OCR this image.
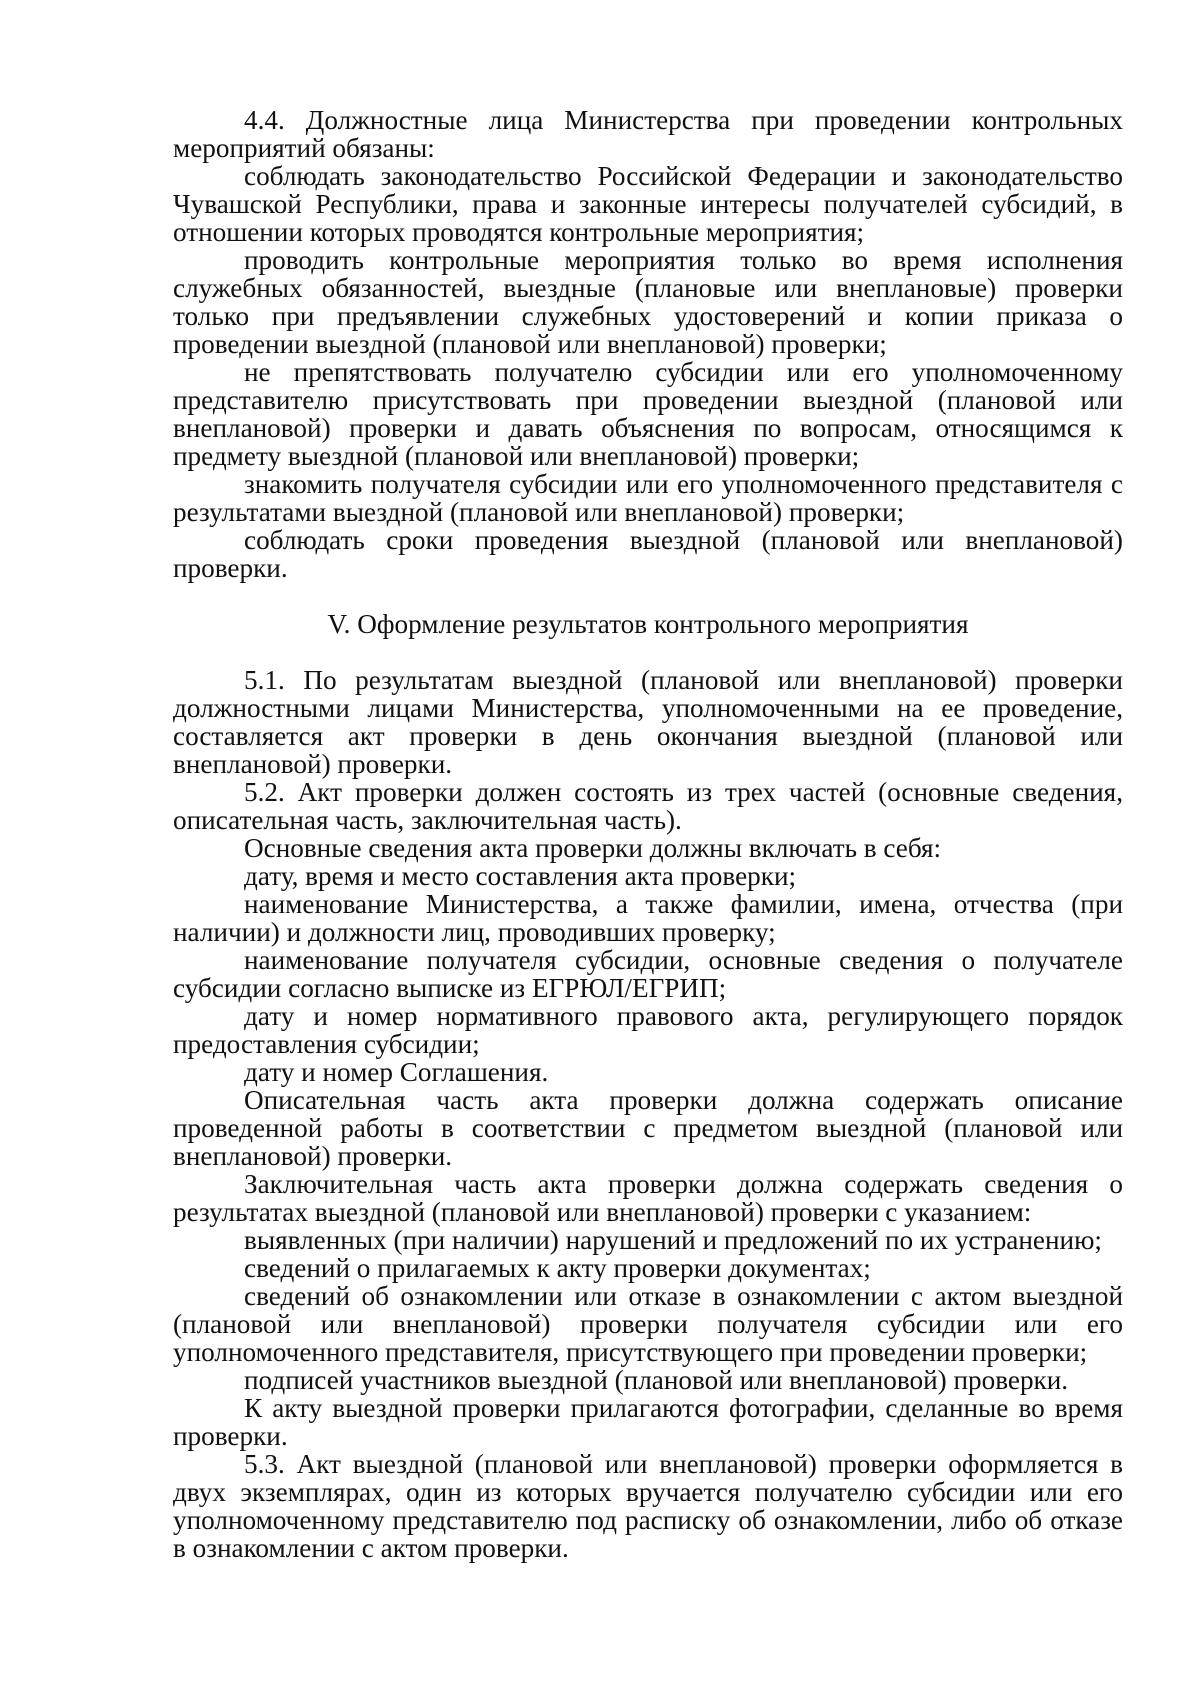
4.4. Должностные лица Министерства при проведении контрольных мероприятий обязаны:

соблюдать законодательство Российской Федерации и законодательство Чувашской Республики, права и законные интересы получателей субсидий, в отношении которых проводятся контрольные мероприятия;

проводить контрольные мероприятия только во время исполнения служебных обязанностей, выездные (плановые или внеплановые) проверки только при предъявлении служебных удостоверений и копии приказа о проведении выездной (плановой или внеплановой) проверки;

не препятствовать получателю субсидии или его уполномоченному представителю присутствовать при проведении выездной (плановой или внеплановой) проверки и давать объяснения по вопросам, относящимся к предмету выездной (плановой или внеплановой) проверки;

знакомить получателя субсидии или его уполномоченного представителя с результатами выездной (плановой или внеплановой) проверки;

соблюдать сроки проведения выездной (плановой или внеплановой) проверки.

V. Оформление результатов контрольного мероприятия

5.1. По результатам выездной (плановой или внеплановой) проверки должностными лицами Министерства, уполномоченными на ее проведение, составляется акт проверки в день окончания выездной (плановой или внеплановой) проверки.

5.2. Акт проверки должен состоять из трех частей (основные сведения, описательная часть, заключительная часть).

Основные сведения акта проверки должны включать в себя:

дату, время и место составления акта проверки;

наименование Министерства, а также фамилии, имена, отчества (при наличии) и должности лиц, проводивших проверку;

наименование получателя субсидии, основные сведения о получателе субсидии согласно выписке из ЕГРЮЛ/ЕГРИП;

дату и номер нормативного правового акта, регулирующего порядок предоставления субсидии;

дату и номер Соглашения.

Описательная часть акта проверки должна содержать описание проведенной работы в соответствии с предметом выездной (плановой или внеплановой) проверки.

Заключительная часть акта проверки должна содержать сведения о результатах выездной (плановой или внеплановой) проверки с указанием:

выявленных (при наличии) нарушений и предложений по их устранению;

сведений о прилагаемых к акту проверки документах;

сведений об ознакомлении или отказе в ознакомлении с актом выездной (плановой или внеплановой) проверки получателя субсидии или его уполномоченного представителя, присутствующего при проведении проверки;

подписей участников выездной (плановой или внеплановой) проверки.

К акту выездной проверки прилагаются фотографии, сделанные во время проверки.

5.3. Акт выездной (плановой или внеплановой) проверки оформляется в двух экземплярах, один из которых вручается получателю субсидии или его уполномоченному представителю под расписку об ознакомлении, либо об отказе в ознакомлении с актом проверки.
